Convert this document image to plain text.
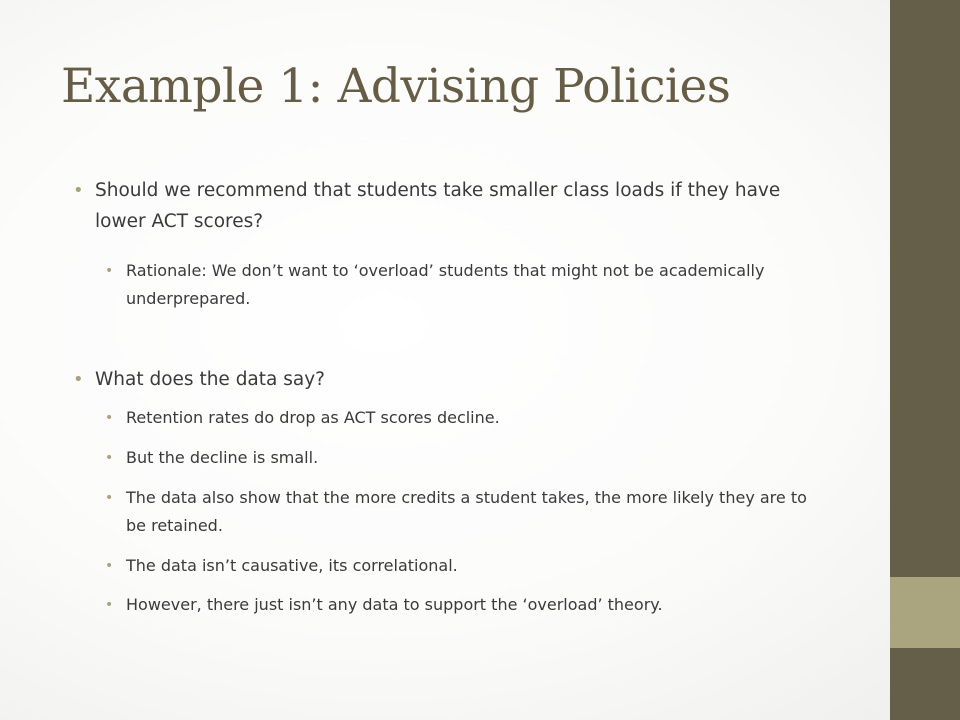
Example 1: Advising Policies
• Should we recommend that students take smaller class loads if they have lower ACT scores?
• Rationale: We don’t want to ‘overload’ students that might not be academically underprepared.
• What does the data say?
• Retention rates do drop as ACT scores decline.
• But the decline is small.
• The data also show that the more credits a student takes, the more likely they are to be retained.
• The data isn’t causative, its correlational.
• However, there just isn’t any data to support the ‘overload’ theory.
